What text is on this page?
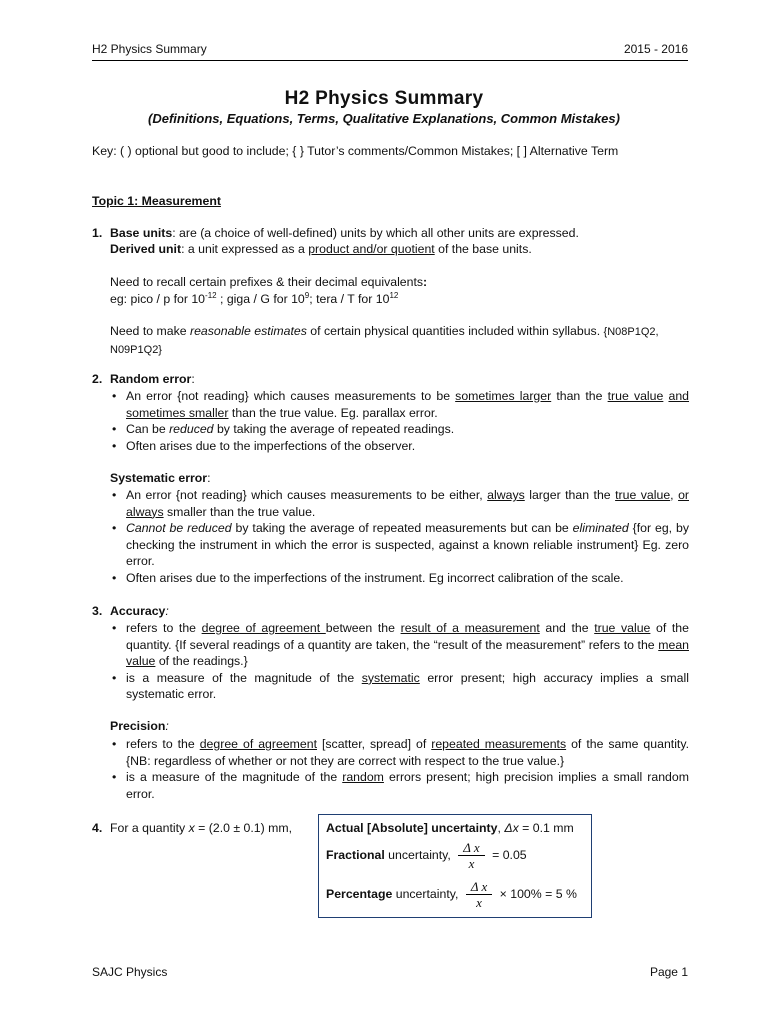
H2 Physics Summary	2015 - 2016
H2 Physics Summary
(Definitions, Equations, Terms, Qualitative Explanations, Common Mistakes)
Key: ( ) optional but good to include; { } Tutor’s comments/Common Mistakes; [ ] Alternative Term
Topic 1: Measurement
1. Base units: are (a choice of well-defined) units by which all other units are expressed.
Derived unit: a unit expressed as a product and/or quotient of the base units.
Need to recall certain prefixes & their decimal equivalents:
eg: pico / p for $10^{-12}$ ; giga / G for $10^9$; tera / T for $10^{12}$
Need to make reasonable estimates of certain physical quantities included within syllabus. {N08P1Q2,
N09P1Q2}
2. Random error:
• An error {not reading} which causes measurements to be sometimes larger than the true value and sometimes smaller than the true value. Eg. parallax error.
• Can be reduced by taking the average of repeated readings.
• Often arises due to the imperfections of the observer.
Systematic error:
• An error {not reading} which causes measurements to be either, always larger than the true value, or always smaller than the true value.
• Cannot be reduced by taking the average of repeated measurements but can be eliminated {for eg, by checking the instrument in which the error is suspected, against a known reliable instrument} Eg. zero error.
• Often arises due to the imperfections of the instrument. Eg incorrect calibration of the scale.
3. Accuracy:
• refers to the degree of agreement between the result of a measurement and the true value of the quantity. {If several readings of a quantity are taken, the “result of the measurement” refers to the mean value of the readings.}
• is a measure of the magnitude of the systematic error present; high accuracy implies a small systematic error.
Precision:
• refers to the degree of agreement [scatter, spread] of repeated measurements of the same quantity. {NB: regardless of whether or not they are correct with respect to the true value.}
• is a measure of the magnitude of the random errors present; high precision implies a small random error.
4. For a quantity x = (2.0 ± 0.1) mm,	Actual [Absolute] uncertainty, Δx = 0.1 mm
Fractional uncertainty, $\frac{\text{Δ x}}{x} = 0.05$
Percentage uncertainty, $\frac{\text{Δ x}}{x} \times 100\% = 5$ %
SAJC Physics	Page 1
